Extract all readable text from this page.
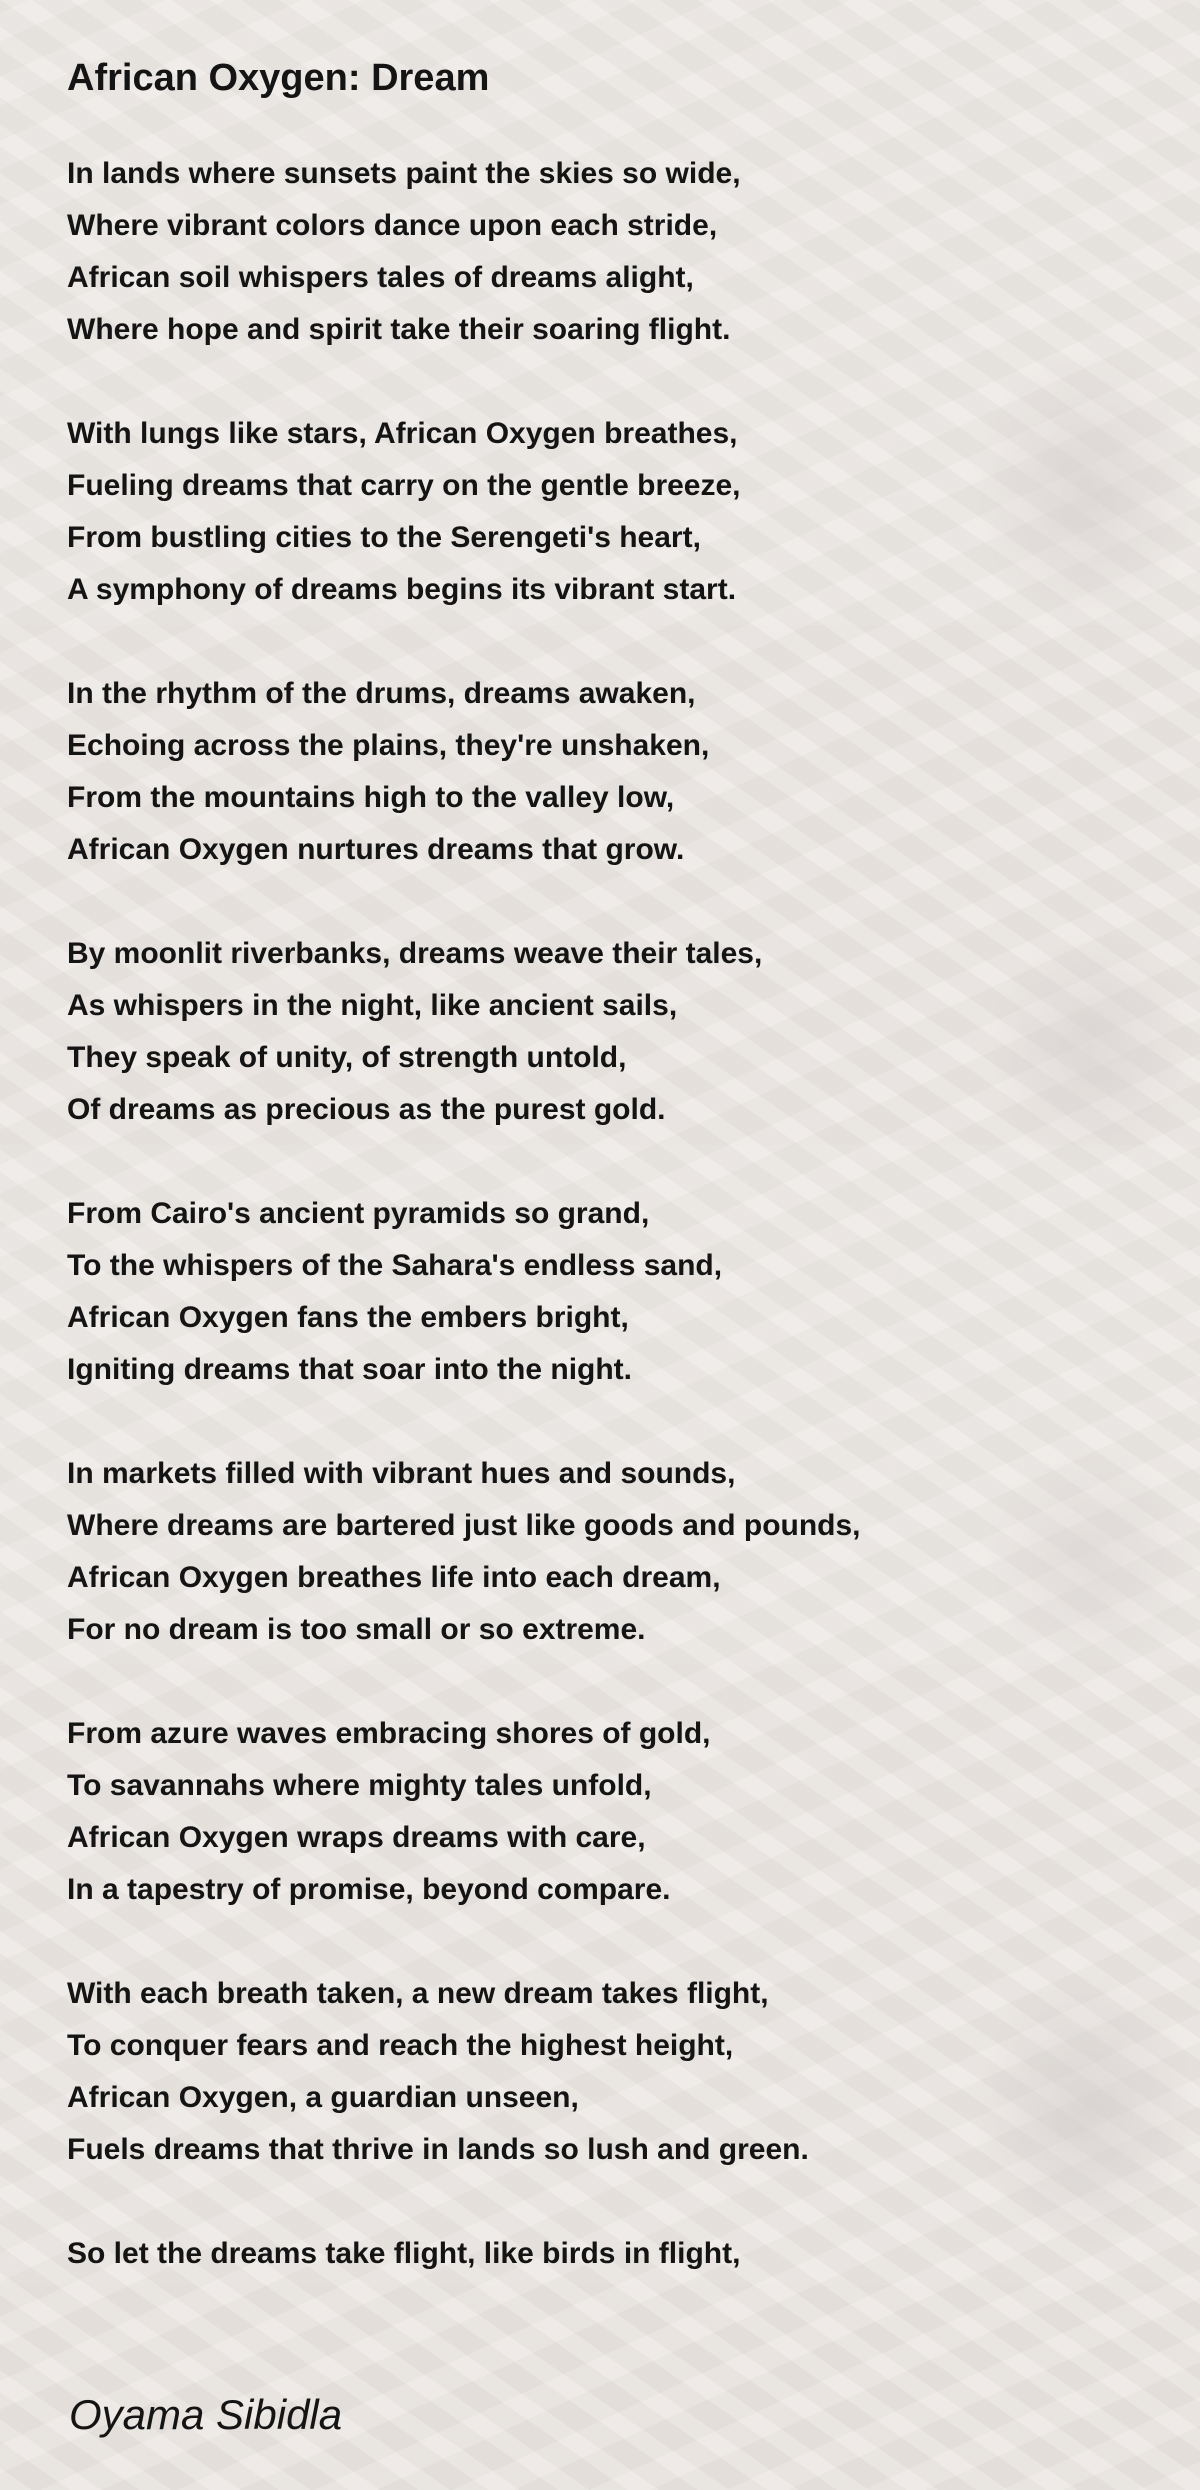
African Oxygen: Dream
In lands where sunsets paint the skies so wide,
Where vibrant colors dance upon each stride,
African soil whispers tales of dreams alight,
Where hope and spirit take their soaring flight.
With lungs like stars, African Oxygen breathes,
Fueling dreams that carry on the gentle breeze,
From bustling cities to the Serengeti's heart,
A symphony of dreams begins its vibrant start.
In the rhythm of the drums, dreams awaken,
Echoing across the plains, they're unshaken,
From the mountains high to the valley low,
African Oxygen nurtures dreams that grow.
By moonlit riverbanks, dreams weave their tales,
As whispers in the night, like ancient sails,
They speak of unity, of strength untold,
Of dreams as precious as the purest gold.
From Cairo's ancient pyramids so grand,
To the whispers of the Sahara's endless sand,
African Oxygen fans the embers bright,
Igniting dreams that soar into the night.
In markets filled with vibrant hues and sounds,
Where dreams are bartered just like goods and pounds,
African Oxygen breathes life into each dream,
For no dream is too small or so extreme.
From azure waves embracing shores of gold,
To savannahs where mighty tales unfold,
African Oxygen wraps dreams with care,
In a tapestry of promise, beyond compare.
With each breath taken, a new dream takes flight,
To conquer fears and reach the highest height,
African Oxygen, a guardian unseen,
Fuels dreams that thrive in lands so lush and green.
So let the dreams take flight, like birds in flight,
Oyama Sibidla
